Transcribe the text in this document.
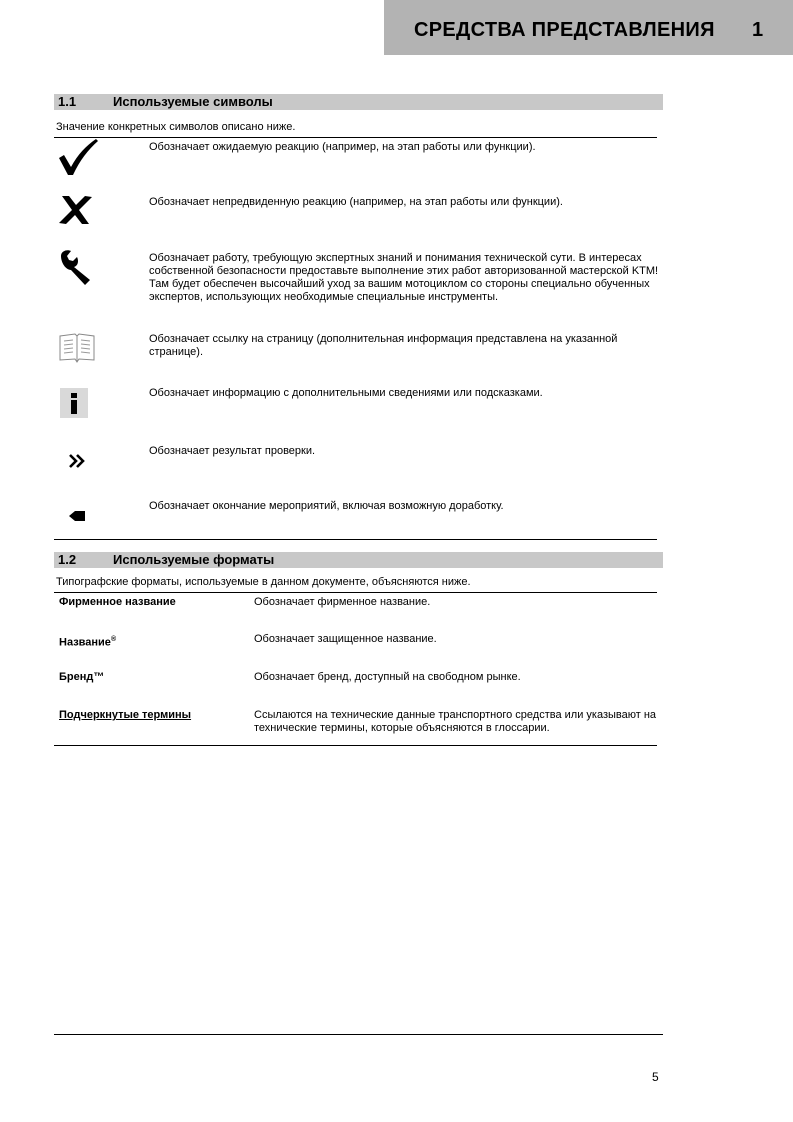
СРЕДСТВА ПРЕДСТАВЛЕНИЯ 1
1.1	Используемые символы
Значение конкретных символов описано ниже.
Обозначает ожидаемую реакцию (например, на этап работы или функции).
Обозначает непредвиденную реакцию (например, на этап работы или функции).
Обозначает работу, требующую экспертных знаний и понимания технической сути. В интересах собственной безопасности предоставьте выполнение этих работ авторизованной мастерской KTM! Там будет обеспечен высочайший уход за вашим мотоциклом со стороны специально обученных экспертов, использующих необходимые специальные инструменты.
Обозначает ссылку на страницу (дополнительная информация представлена на указанной странице).
Обозначает информацию с дополнительными сведениями или подсказками.
Обозначает результат проверки.
Обозначает окончание мероприятий, включая возможную доработку.
1.2	Используемые форматы
Типографские форматы, используемые в данном документе, объясняются ниже.
Фирменное название	Обозначает фирменное название.
Название®	Обозначает защищенное название.
Бренд™	Обозначает бренд, доступный на свободном рынке.
Подчеркнутые термины	Ссылаются на технические данные транспортного средства или указывают на технические термины, которые объясняются в глоссарии.
5
